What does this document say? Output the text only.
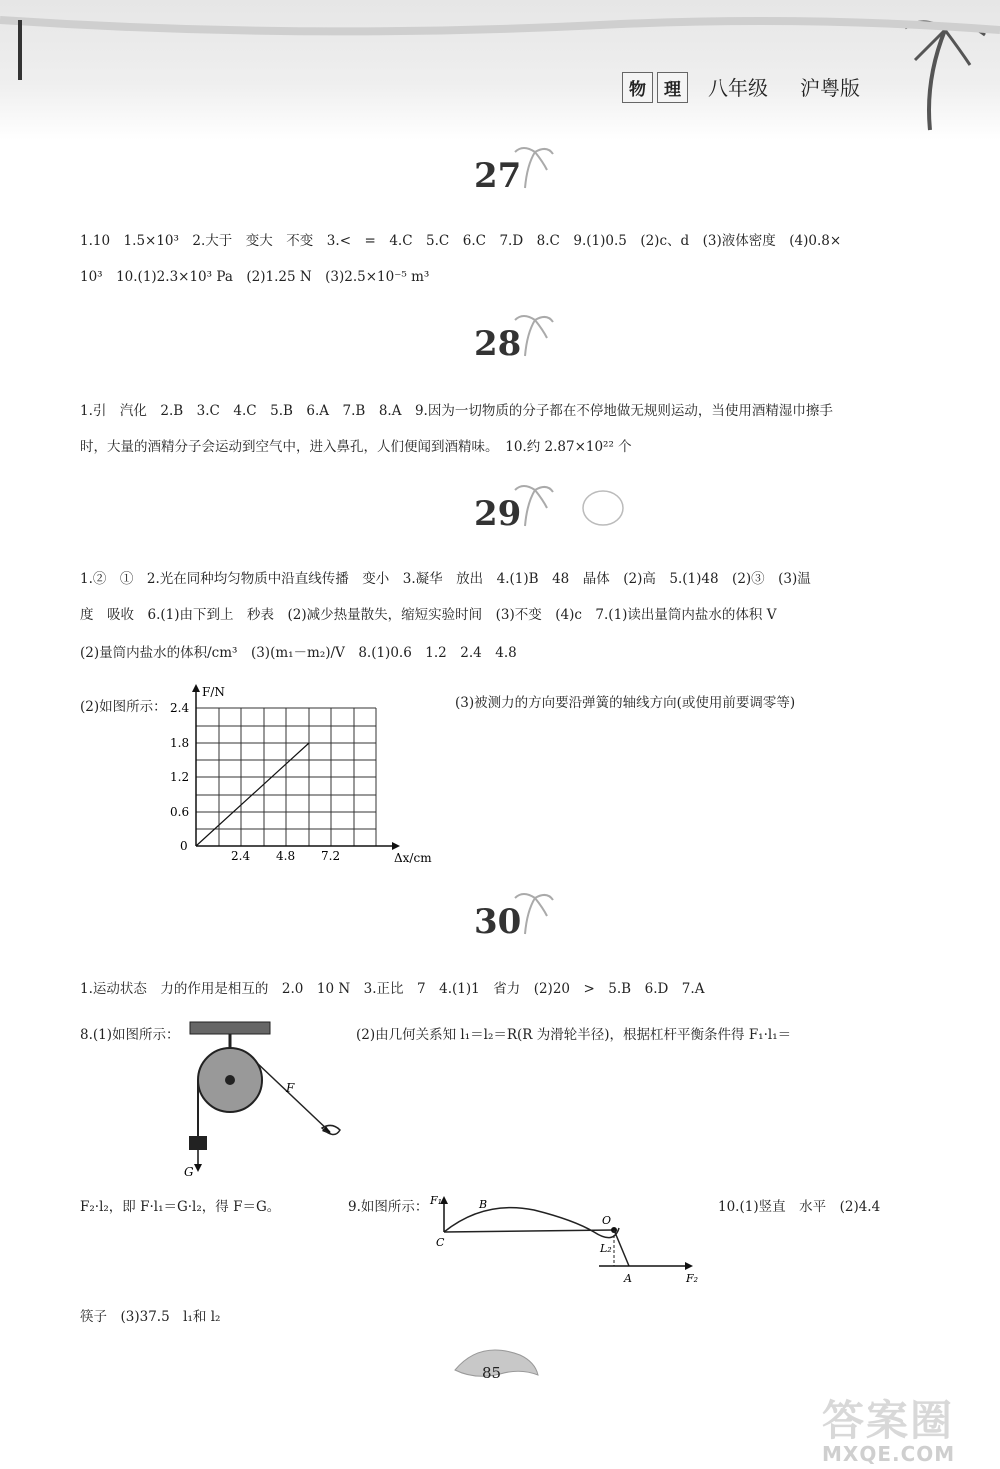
物	理	八年级 沪粤版
27
1.10　1.5×10³　2.大于　变大　不变　3.<　=　4.C　5.C　6.C　7.D　8.C　9.(1)0.5　(2)c、d　(3)液体密度　(4)0.8×
10³　10.(1)2.3×10³ Pa　(2)1.25 N　(3)2.5×10⁻⁵ m³
28
1.引　汽化　2.B　3.C　4.C　5.B　6.A　7.B　8.A　9.因为一切物质的分子都在不停地做无规则运动，当使用酒精湿巾擦手
时，大量的酒精分子会运动到空气中，进入鼻孔，人们便闻到酒精味。　10.约 2.87×10²² 个
29
1.②　①　2.光在同种均匀物质中沿直线传播　变小　3.凝华　放出　4.(1)B　48　晶体　(2)高　5.(1)48　(2)③　(3)温
度　吸收　6.(1)由下到上　秒表　(2)减少热量散失，缩短实验时间　(3)不变　(4)c　7.(1)读出量筒内盐水的体积 V
(2)量筒内盐水的体积/cm³　(3)(m₁－m₂)/V　8.(1)0.6　1.2　2.4　4.8
(2)如图所示：	(3)被测力的方向要沿弹簧的轴线方向(或使用前要调零等)
F/N
Δx/cm
2.4
1.8
1.2
0.6
0
2.4 4.8 7.2
30
1.运动状态　力的作用是相互的　2.0　10 N　3.正比　7　4.(1)1　省力　(2)20　>　5.B　6.D　7.A
8.(1)如图所示：	(2)由几何关系知 l₁＝l₂＝R(R 为滑轮半径)，根据杠杆平衡条件得 F₁·l₁＝
F
G
F₂·l₂，即 F·l₁＝G·l₂，得 F＝G。	9.如图所示：	10.(1)竖直　水平　(2)4.4
F₁	B
O
C	L₂
A	F₂
筷子　(3)37.5　l₁和 l₂
85
答案圈
MXQE.COM
